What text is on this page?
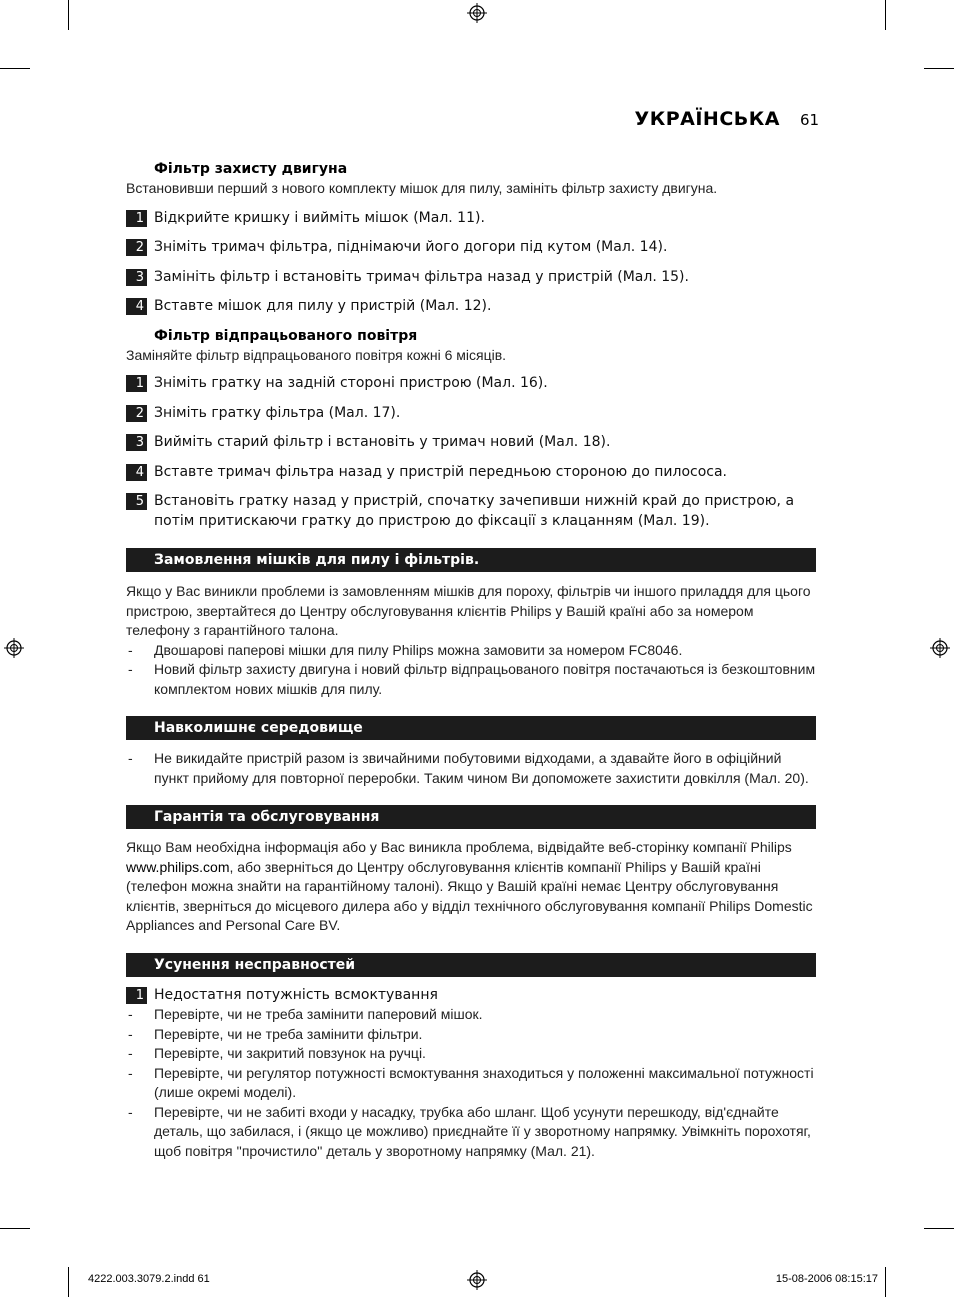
УКРАЇНСЬКА 61
Фільтр захисту двигуна
Встановивши перший з нового комплекту мішок для пилу, замініть фільтр захисту двигуна.
1 Відкрийте кришку і вийміть мішок (Мал. 11).
2 Зніміть тримач фільтра, піднімаючи його догори під кутом (Мал. 14).
3 Замініть фільтр і встановіть тримач фільтра назад у пристрій (Мал. 15).
4 Вставте мішок для пилу у пристрій (Мал. 12).
Фільтр відпрацьованого повітря
Заміняйте фільтр відпрацьованого повітря кожні 6 місяців.
1 Зніміть гратку на задній стороні пристрою (Мал. 16).
2 Зніміть гратку фільтра (Мал. 17).
3 Вийміть старий фільтр і встановіть у тримач новий (Мал. 18).
4 Вставте тримач фільтра назад у пристрій передньою стороною до пилососа.
5 Встановіть гратку назад у пристрій, спочатку зачепивши нижній край до пристрою, а потім притискаючи гратку до пристрою до фіксації з клацанням (Мал. 19).
Замовлення мішків для пилу і фільтрів.
Якщо у Вас виникли проблеми із замовленням мішків для пороху, фільтрів чи іншого приладдя для цього пристрою, звертайтеся до Центру обслуговування клієнтів Philips у Вашій країні або за номером телефону з гарантійного талона.
- Двошарові паперові мішки для пилу Philips можна замовити за номером FC8046.
- Новий фільтр захисту двигуна і новий фільтр відпрацьованого повітря постачаються із безкоштовним комплектом нових мішків для пилу.
Навколишнє середовище
- Не викидайте пристрій разом із звичайними побутовими відходами, а здавайте його в офіційний пункт прийому для повторної переробки. Таким чином Ви допоможете захистити довкілля (Мал. 20).
Гарантія та обслуговування
Якщо Вам необхідна інформація або у Вас виникла проблема, відвідайте веб-сторінку компанії Philips www.philips.com, або зверніться до Центру обслуговування клієнтів компанії Philips у Вашій країні (телефон можна знайти на гарантійному талоні). Якщо у Вашій країні немає Центру обслуговування клієнтів, зверніться до місцевого дилера або у відділ технічного обслуговування компанії Philips Domestic Appliances and Personal Care BV.
Усунення несправностей
1 Недостатня потужність всмоктування
- Перевірте, чи не треба замінити паперовий мішок.
- Перевірте, чи не треба замінити фільтри.
- Перевірте, чи закритий повзунок на ручці.
- Перевірте, чи регулятор потужності всмоктування знаходиться у положенні максимальної потужності (лише окремі моделі).
- Перевірте, чи не забиті входи у насадку, трубка або шланг. Щоб усунути перешкоду, від'єднайте деталь, що забилася, і (якщо це можливо) приєднайте її у зворотному напрямку. Увімкніть порохотяг, щоб повітря ''прочистило'' деталь у зворотному напрямку (Мал. 21).
4222.003.3079.2.indd 61	15-08-2006 08:15:17
